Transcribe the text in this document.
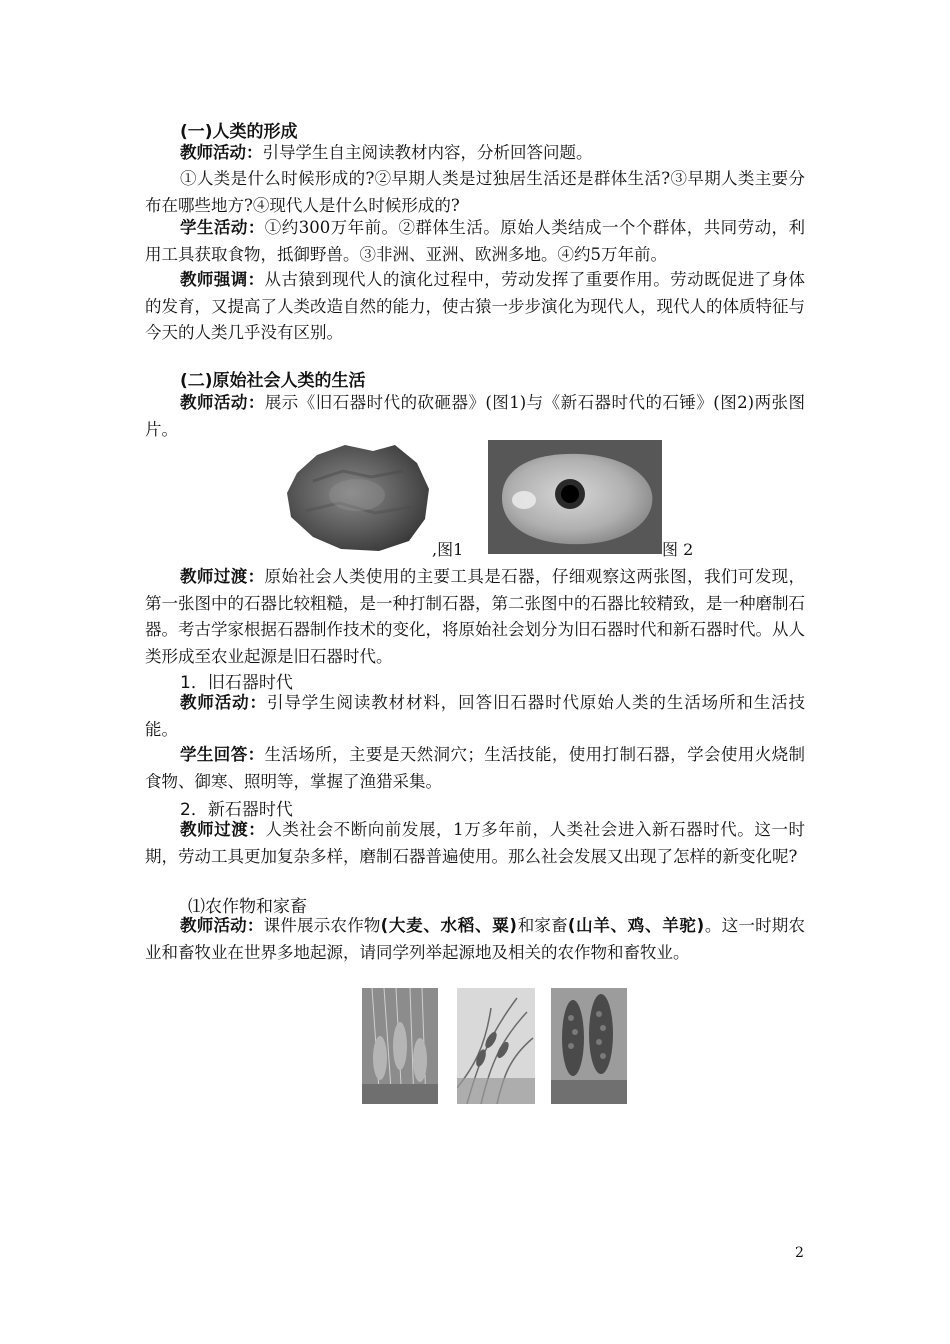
(一)人类的形成
教师活动：引导学生自主阅读教材内容，分析回答问题。
①人类是什么时候形成的?②早期人类是过独居生活还是群体生活?③早期人类主要分布在哪些地方?④现代人是什么时候形成的?
学生活动：①约300万年前。②群体生活。原始人类结成一个个群体，共同劳动，利用工具获取食物，抵御野兽。③非洲、亚洲、欧洲多地。④约5万年前。
教师强调：从古猿到现代人的演化过程中，劳动发挥了重要作用。劳动既促进了身体的发育，又提高了人类改造自然的能力，使古猿一步步演化为现代人，现代人的体质特征与今天的人类几乎没有区别。
(二)原始社会人类的生活
教师活动：展示《旧石器时代的砍砸器》(图1)与《新石器时代的石锤》(图2)两张图片。
,图1	图 2
教师过渡：原始社会人类使用的主要工具是石器，仔细观察这两张图，我们可发现，第一张图中的石器比较粗糙，是一种打制石器，第二张图中的石器比较精致，是一种磨制石器。考古学家根据石器制作技术的变化，将原始社会划分为旧石器时代和新石器时代。从人类形成至农业起源是旧石器时代。
1．旧石器时代
教师活动：引导学生阅读教材材料，回答旧石器时代原始人类的生活场所和生活技能。
学生回答：生活场所，主要是天然洞穴；生活技能，使用打制石器，学会使用火烧制食物、御寒、照明等，掌握了渔猎采集。
2．新石器时代
教师过渡：人类社会不断向前发展，1万多年前，人类社会进入新石器时代。这一时期，劳动工具更加复杂多样，磨制石器普遍使用。那么社会发展又出现了怎样的新变化呢?
⑴农作物和家畜
教师活动：课件展示农作物(大麦、水稻、粟)和家畜(山羊、鸡、羊驼)。这一时期农业和畜牧业在世界多地起源，请同学列举起源地及相关的农作物和畜牧业。
2
